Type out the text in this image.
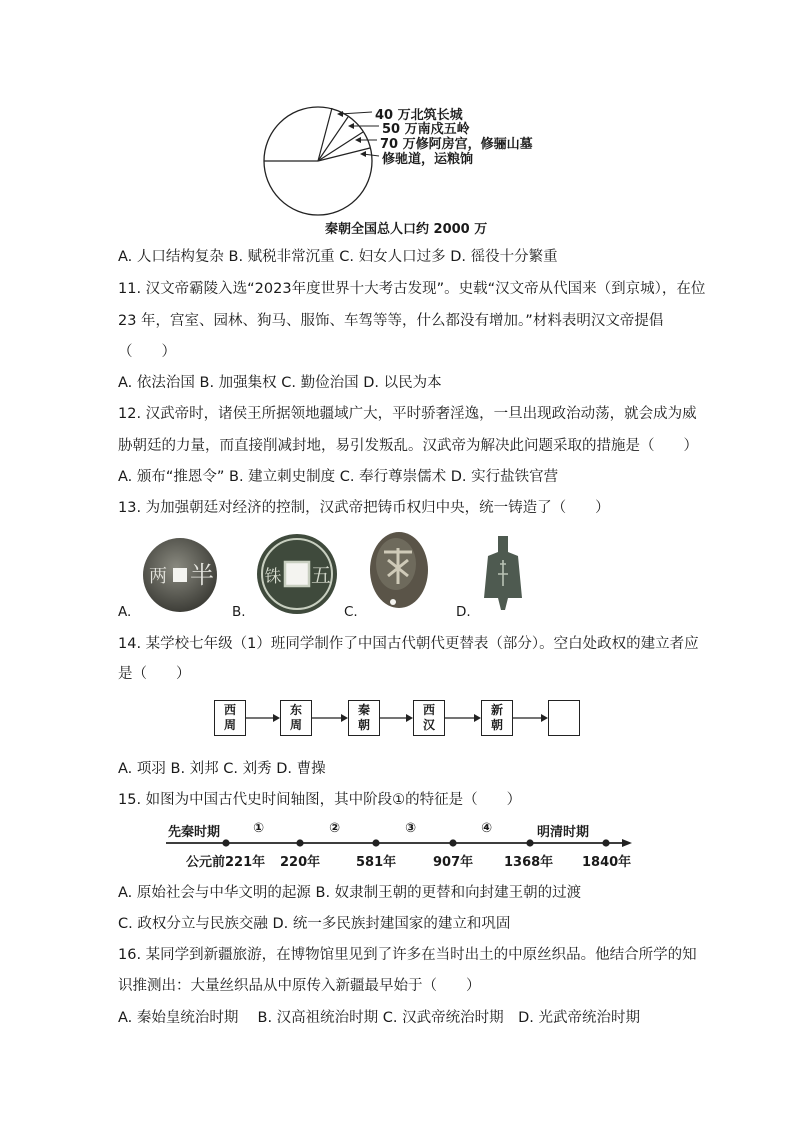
40 万北筑长城
50 万南戍五岭
70 万修阿房宫，修骊山墓
修驰道，运粮饷
秦朝全国总人口约 2000 万
A. 人口结构复杂 B. 赋税非常沉重 C. 妇女人口过多 D. 徭役十分繁重
11. 汉文帝霸陵入选“2023年度世界十大考古发现”。史载“汉文帝从代国来（到京城），在位
23 年，宫室、园林、狗马、服饰、车驾等等，什么都没有增加。”材料表明汉文帝提倡
（　　）
A. 依法治国 B. 加强集权 C. 勤俭治国 D. 以民为本
12. 汉武帝时，诸侯王所据领地疆域广大，平时骄奢淫逸，一旦出现政治动荡，就会成为威
胁朝廷的力量，而直接削减封地，易引发叛乱。汉武帝为解决此问题采取的措施是（　　）
A. 颁布“推恩令” B. 建立刺史制度 C. 奉行尊崇儒术 D. 实行盐铁官营
13. 为加强朝廷对经济的控制，汉武帝把铸币权归中央，统一铸造了（　　）
两 半
A.
铢 五
B.	C.	D.
14. 某学校七年级（1）班同学制作了中国古代朝代更替表（部分）。空白处政权的建立者应
是（　　）
西
周
东
周
秦
朝
西
汉
新
朝
A. 项羽 B. 刘邦 C. 刘秀 D. 曹操
15. 如图为中国古代史时间轴图，其中阶段①的特征是（　　）
先秦时期	①	②	③	④	明清时期
公元前221年 220年	581年	907年 1368年 1840年
A. 原始社会与中华文明的起源 B. 奴隶制王朝的更替和向封建王朝的过渡
C. 政权分立与民族交融 D. 统一多民族封建国家的建立和巩固
16. 某同学到新疆旅游，在博物馆里见到了许多在当时出土的中原丝织品。他结合所学的知
识推测出：大量丝织品从中原传入新疆最早始于（　　）
A. 秦始皇统治时期　 B. 汉高祖统治时期 C. 汉武帝统治时期　D. 光武帝统治时期
